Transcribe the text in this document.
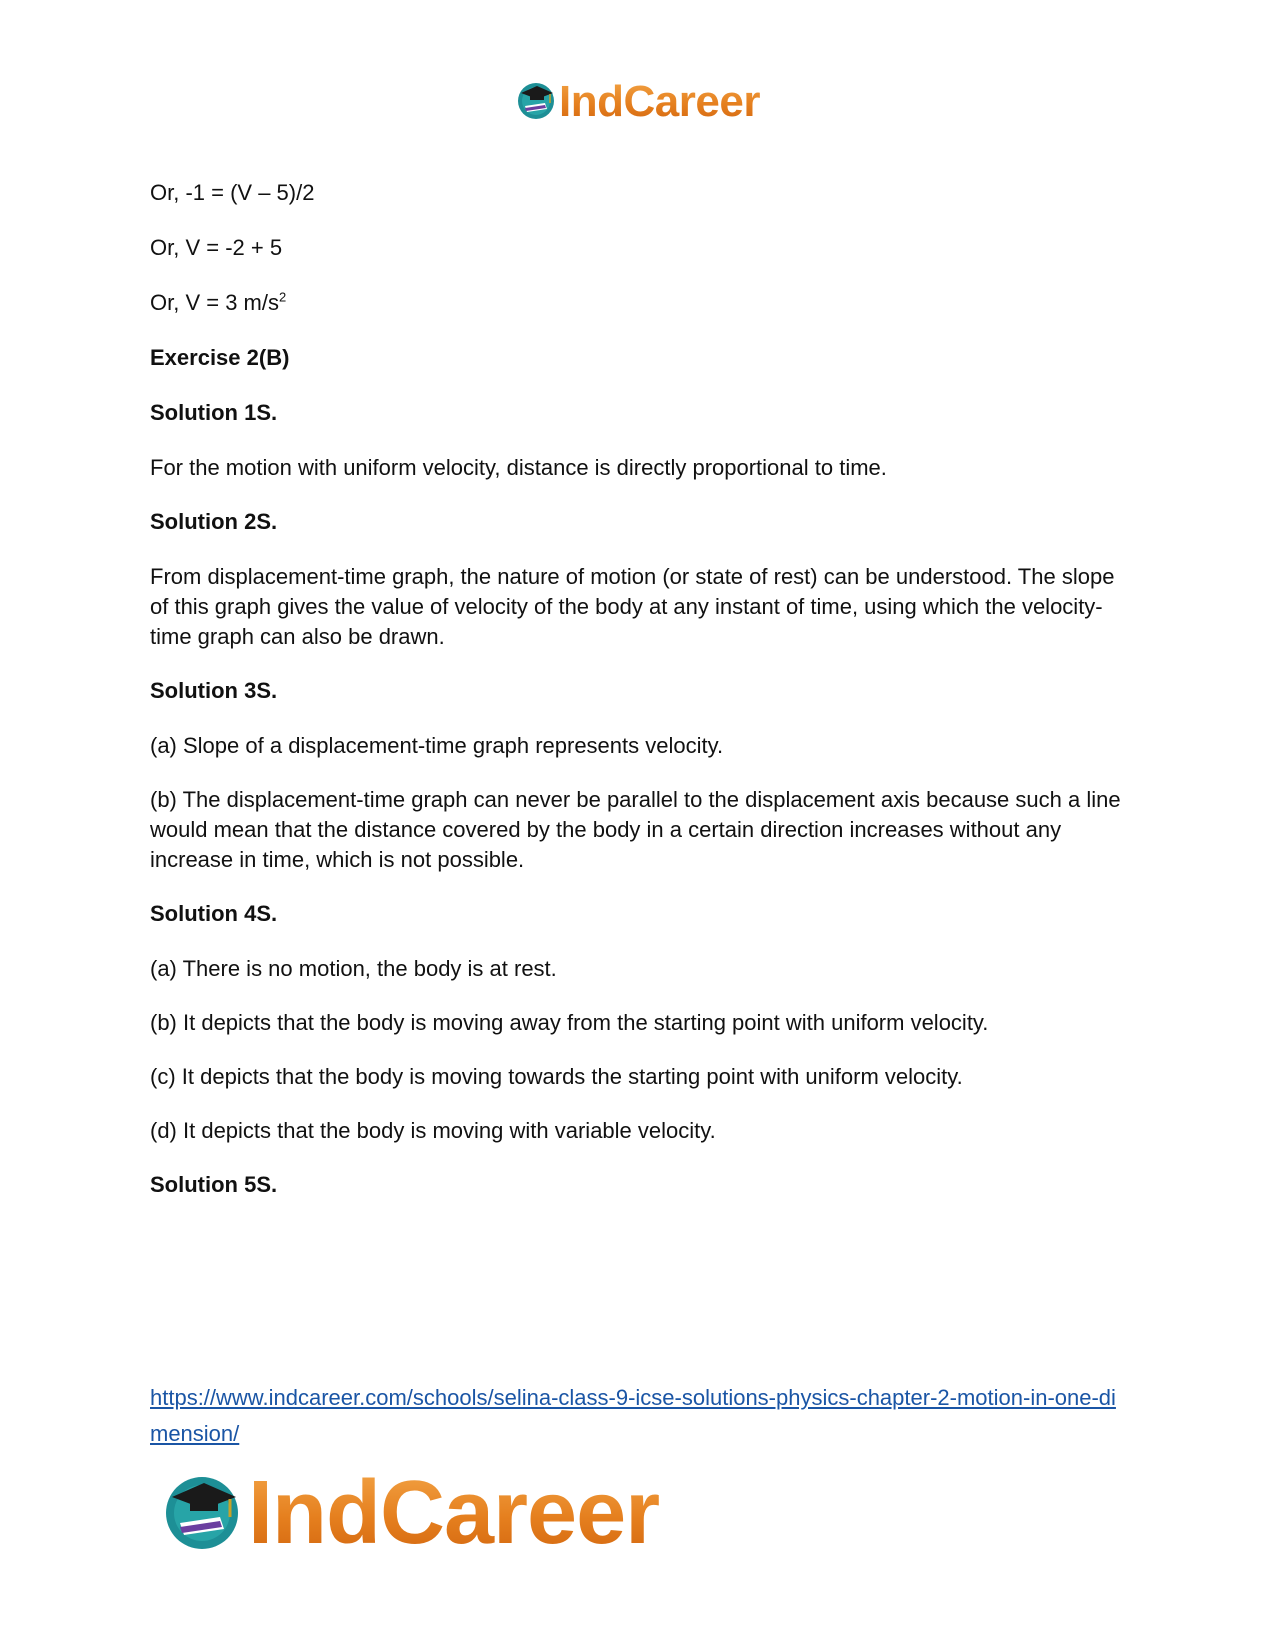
IndCareer
Or, -1 = (V – 5)/2
Or, V = -2 + 5
Or, V = 3 $m/s^2$
Exercise 2(B)
Solution 1S.
For the motion with uniform velocity, distance is directly proportional to time.
Solution 2S.
From displacement-time graph, the nature of motion (or state of rest) can be understood. The slope of this graph gives the value of velocity of the body at any instant of time, using which the velocity-time graph can also be drawn.
Solution 3S.
(a) Slope of a displacement-time graph represents velocity.
(b) The displacement-time graph can never be parallel to the displacement axis because such a line would mean that the distance covered by the body in a certain direction increases without any increase in time, which is not possible.
Solution 4S.
(a) There is no motion, the body is at rest.
(b) It depicts that the body is moving away from the starting point with uniform velocity.
(c) It depicts that the body is moving towards the starting point with uniform velocity.
(d) It depicts that the body is moving with variable velocity.
Solution 5S.
https://www.indcareer.com/schools/selina-class-9-icse-solutions-physics-chapter-2-motion-in-one-dimension/
IndCareer
